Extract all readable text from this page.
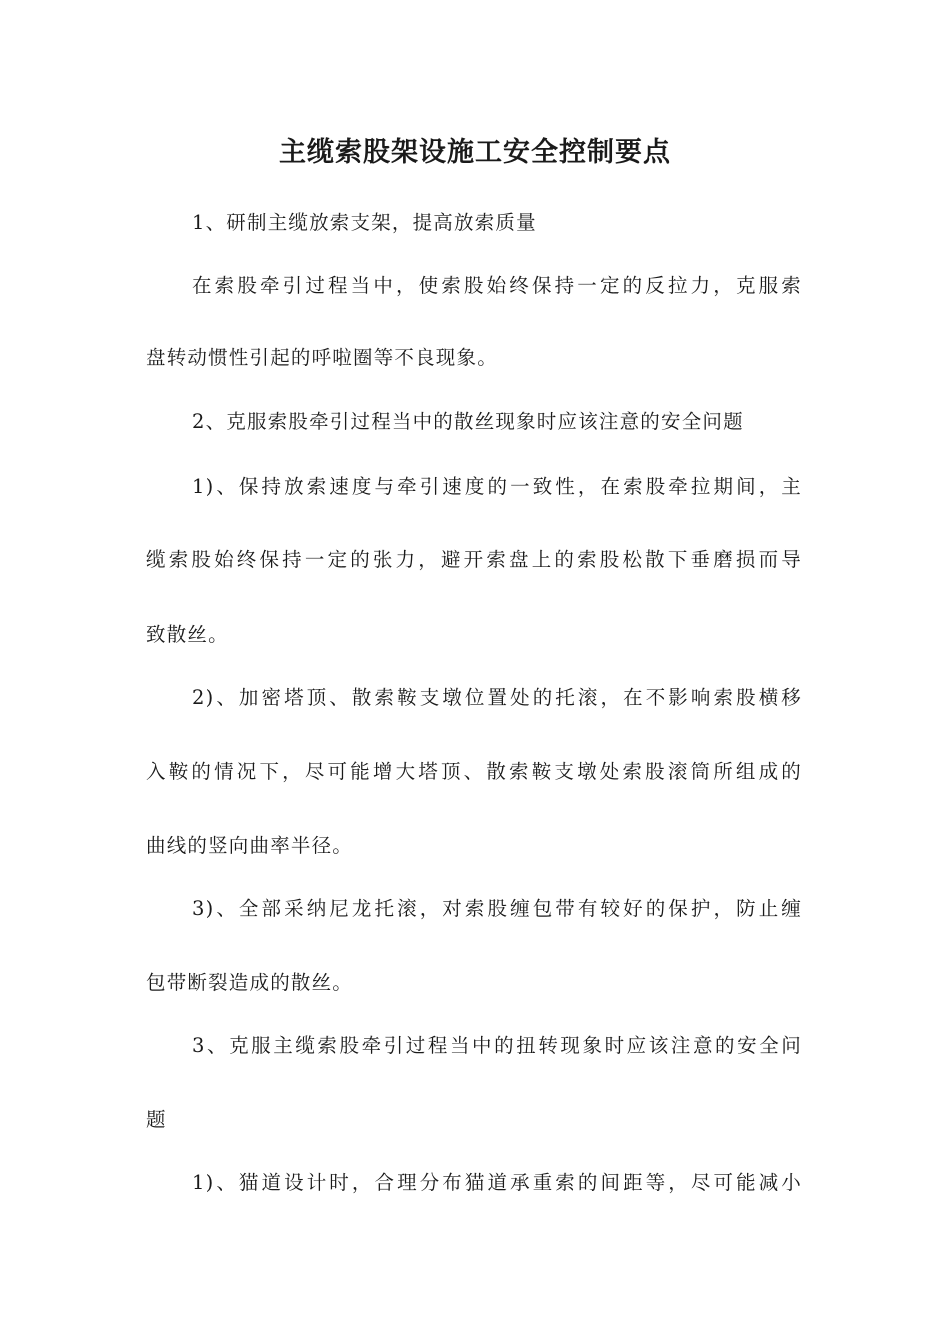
主缆索股架设施工安全控制要点
1、研制主缆放索支架，提高放索质量
在索股牵引过程当中，使索股始终保持一定的反拉力，克服索
盘转动惯性引起的呼啦圈等不良现象。
2、克服索股牵引过程当中的散丝现象时应该注意的安全问题
1)、保持放索速度与牵引速度的一致性，在索股牵拉期间，主
缆索股始终保持一定的张力，避开索盘上的索股松散下垂磨损而导
致散丝。
2)、加密塔顶、散索鞍支墩位置处的托滚，在不影响索股横移
入鞍的情况下，尽可能增大塔顶、散索鞍支墩处索股滚筒所组成的
曲线的竖向曲率半径。
3)、全部采纳尼龙托滚，对索股缠包带有较好的保护，防止缠
包带断裂造成的散丝。
3、克服主缆索股牵引过程当中的扭转现象时应该注意的安全问
题
1)、猫道设计时，合理分布猫道承重索的间距等，尽可能减小
